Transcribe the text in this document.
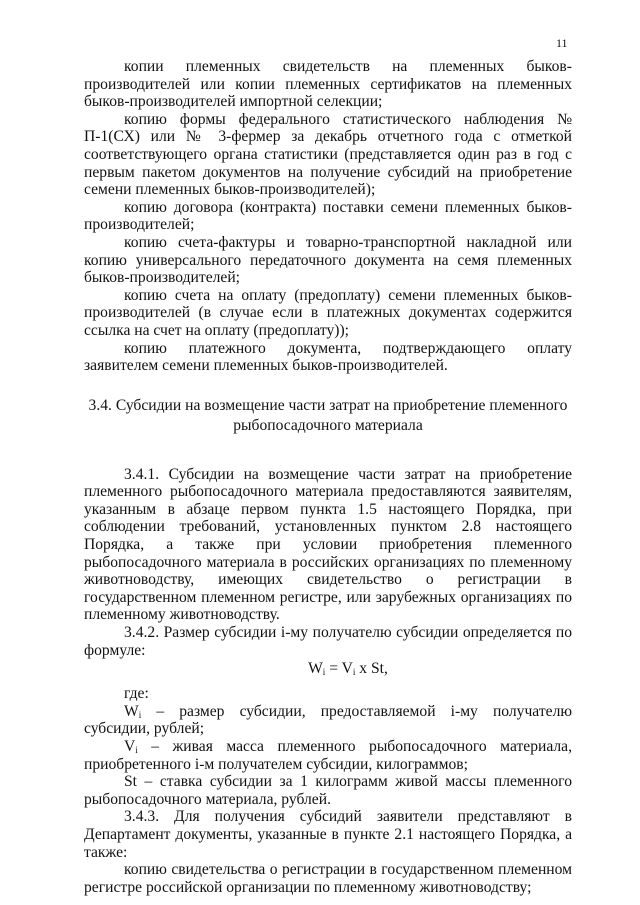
11

копии племенных свидетельств на племенных быков-производителей или копии племенных сертификатов на племенных быков-производителей импортной селекции;

копию формы федерального статистического наблюдения № П-1(СХ) или № 3-фермер за декабрь отчетного года с отметкой соответствующего органа статистики (представляется один раз в год с первым пакетом документов на получение субсидий на приобретение семени племенных быков-производителей);

копию договора (контракта) поставки семени племенных быков-производителей;

копию счета-фактуры и товарно-транспортной накладной или копию универсального передаточного документа на семя племенных быков-производителей;

копию счета на оплату (предоплату) семени племенных быков-производителей (в случае если в платежных документах содержится ссылка на счет на оплату (предоплату));

копию платежного документа, подтверждающего оплату заявителем семени племенных быков-производителей.

3.4. Субсидии на возмещение части затрат на приобретение племенного рыбопосадочного материала

3.4.1. Субсидии на возмещение части затрат на приобретение племенного рыбопосадочного материала предоставляются заявителям, указанным в абзаце первом пункта 1.5 настоящего Порядка, при соблюдении требований, установленных пунктом 2.8 настоящего Порядка, а также при условии приобретения племенного рыбопосадочного материала в российских организациях по племенному животноводству, имеющих свидетельство о регистрации в государственном племенном регистре, или зарубежных организациях по племенному животноводству.

3.4.2. Размер субсидии i-му получателю субсидии определяется по формуле:

$W_i = V_i$ x St,

где:

$W_i$ – размер субсидии, предоставляемой i-му получателю субсидии, рублей;

$V_i$ – живая масса племенного рыбопосадочного материала, приобретенного i-м получателем субсидии, килограммов;

St – ставка субсидии за 1 килограмм живой массы племенного рыбопосадочного материала, рублей.

3.4.3. Для получения субсидий заявители представляют в Департамент документы, указанные в пункте 2.1 настоящего Порядка, а также:

копию свидетельства о регистрации в государственном племенном регистре российской организации по племенному животноводству;
